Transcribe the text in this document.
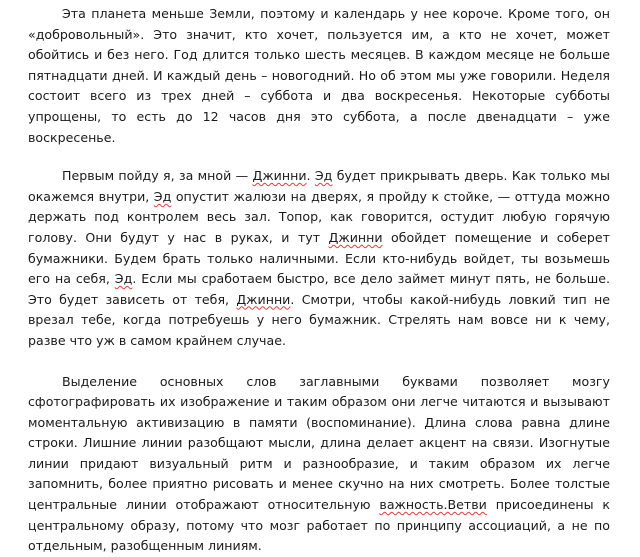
Эта планета меньше Земли, поэтому и календарь у нее короче. Кроме того, он «добровольный». Это значит, кто хочет, пользуется им, а кто не хочет, может обойтись и без него. Год длится только шесть месяцев. В каждом месяце не больше пятнадцати дней. И каждый день – новогодний. Но об этом мы уже говорили. Неделя состоит всего из трех дней – суббота и два воскресенья. Некоторые субботы упрощены, то есть до 12 часов дня это суббота, а после двенадцати – уже воскресенье.

Первым пойду я, за мной — Джинни. Эд будет прикрывать дверь. Как только мы окажемся внутри, Эд опустит жалюзи на дверях, я пройду к стойке, — оттуда можно держать под контролем весь зал. Топор, как говорится, остудит любую горячую голову. Они будут у нас в руках, и тут Джинни обойдет помещение и соберет бумажники. Будем брать только наличными. Если кто-нибудь войдет, ты возьмешь его на себя, Эд. Если мы сработаем быстро, все дело займет минут пять, не больше. Это будет зависеть от тебя, Джинни. Смотри, чтобы какой-нибудь ловкий тип не врезал тебе, когда потребуешь у него бумажник. Стрелять нам вовсе ни к чему, разве что уж в самом крайнем случае.

Выделение основных слов заглавными буквами позволяет мозгу сфотографировать их изображение и таким образом они легче читаются и вызывают моментальную активизацию в памяти (воспоминание). Длина слова равна длине строки. Лишние линии разобщают мысли, длина делает акцент на связи. Изогнутые линии придают визуальный ритм и разнообразие, и таким образом их легче запомнить, более приятно рисовать и менее скучно на них смотреть. Более толстые центральные линии отображают относительную важность.Ветви присоединены к центральному образу, потому что мозг работает по принципу ассоциаций, а не по отдельным, разобщенным линиям.
